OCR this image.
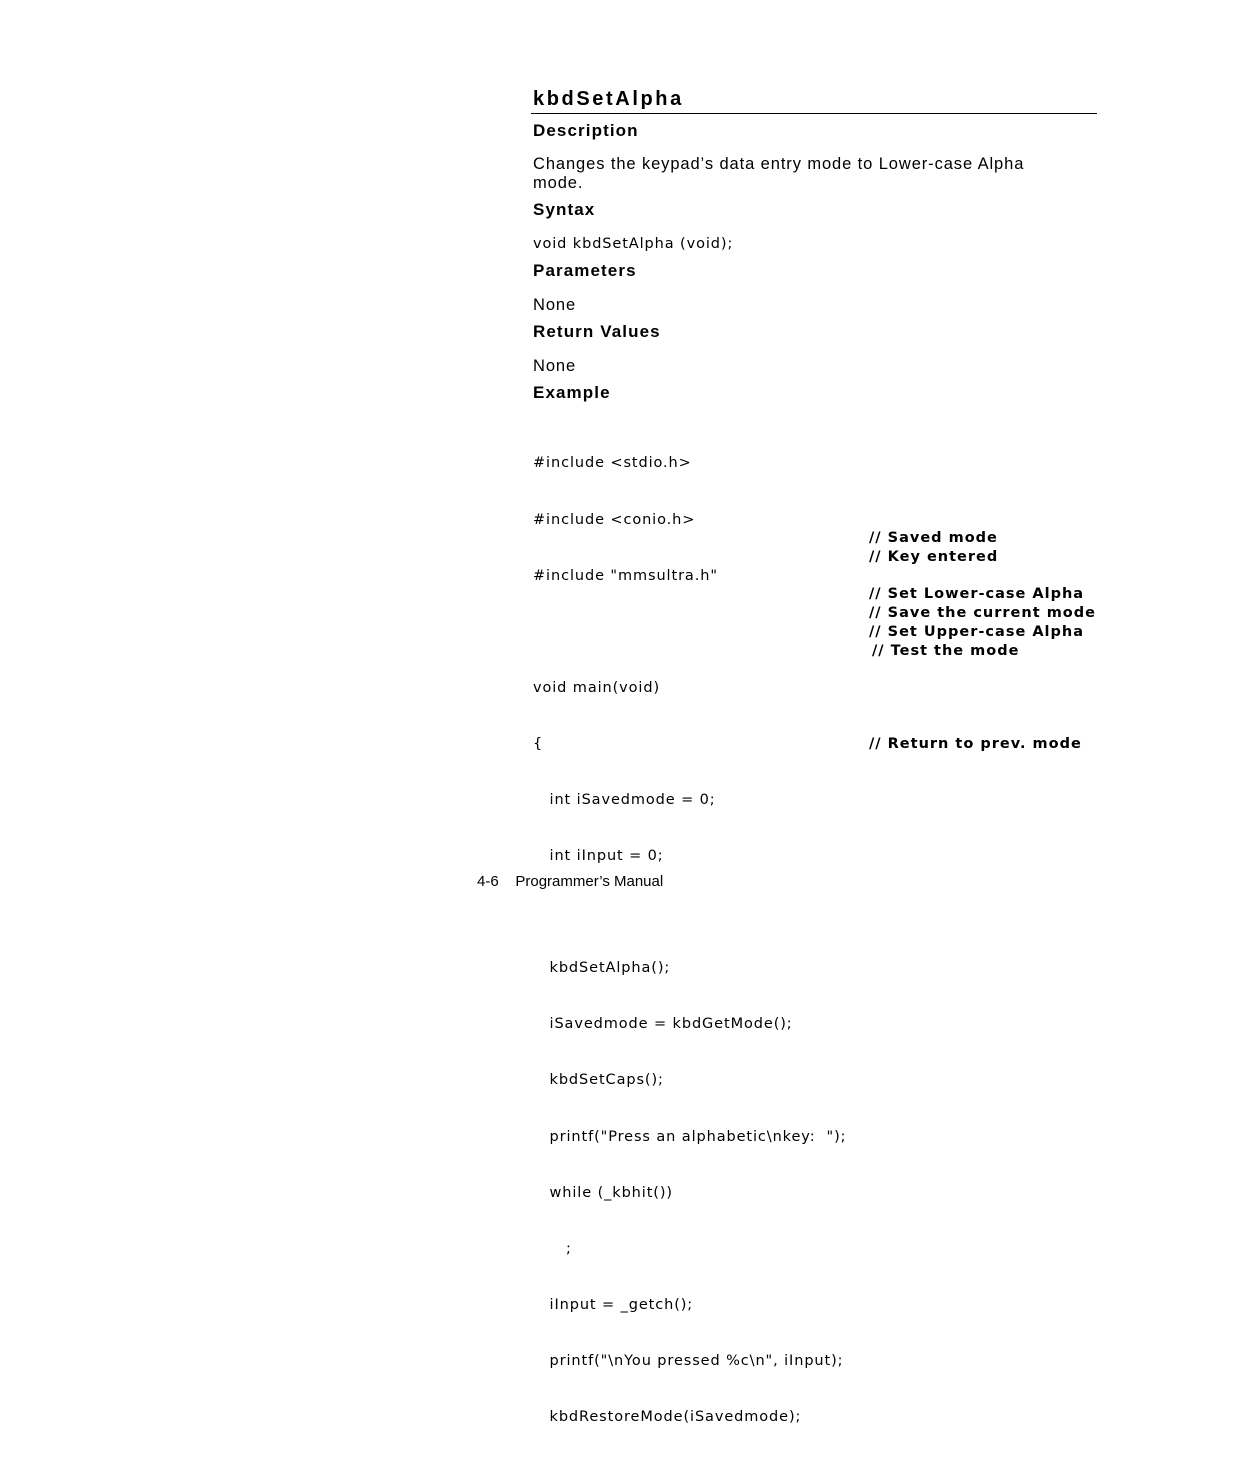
kbdSetAlpha
Description
Changes the keypad’s data entry mode to Lower-case Alpha mode.
Syntax
void kbdSetAlpha (void);
Parameters
None
Return Values
None
Example

#include <stdio.h>

#include <conio.h>

#include "mmsultra.h"

void main(void)

{

int iSavedmode = 0;

int iInput = 0;

kbdSetAlpha();

iSavedmode = kbdGetMode();

kbdSetCaps();

printf("Press an alphabetic\nkey:  ");

while (_kbhit())

;

iInput = _getch();

printf("\nYou pressed %c\n", iInput);

kbdRestoreMode(iSavedmode);

// Saved mode
// Key entered
// Set Lower-case Alpha
// Save the current mode
// Set Upper-case Alpha
// Test the mode
// Return to prev. mode
4-6 Programmer’s Manual
